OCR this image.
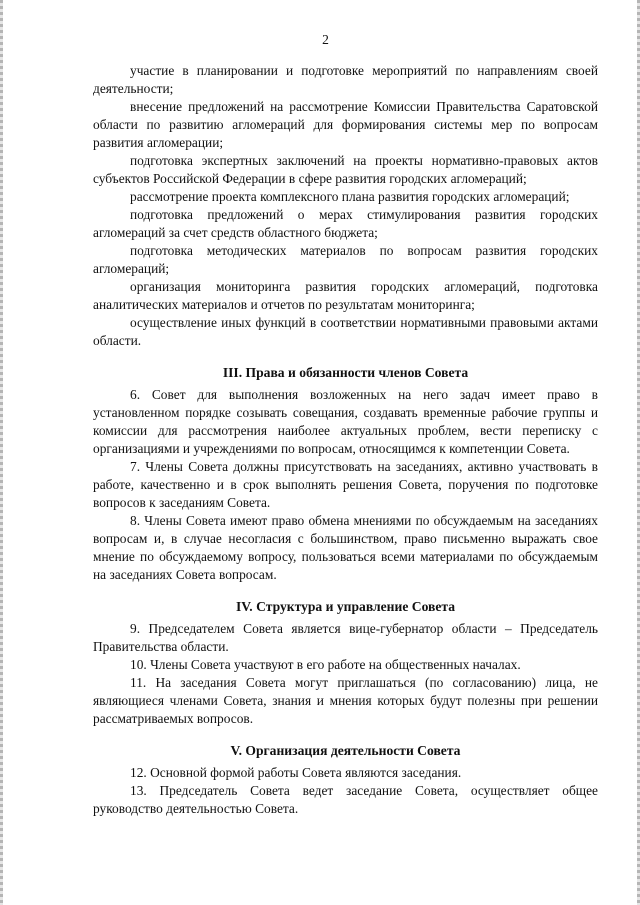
2

участие в планировании и подготовке мероприятий по направлениям своей деятельности;

внесение предложений на рассмотрение Комиссии Правительства Саратовской области по развитию агломераций для формирования системы мер по вопросам развития агломерации;

подготовка экспертных заключений на проекты нормативно-правовых актов субъектов Российской Федерации в сфере развития городских агломераций;

рассмотрение проекта комплексного плана развития городских агломераций;

подготовка предложений о мерах стимулирования развития городских агломераций за счет средств областного бюджета;

подготовка методических материалов по вопросам развития городских агломераций;

организация мониторинга развития городских агломераций, подготовка аналитических материалов и отчетов по результатам мониторинга;

осуществление иных функций в соответствии нормативными правовыми актами области.

III. Права и обязанности членов Совета

6. Совет для выполнения возложенных на него задач имеет право в установленном порядке созывать совещания, создавать временные рабочие группы и комиссии для рассмотрения наиболее актуальных проблем, вести переписку с организациями и учреждениями по вопросам, относящимся к компетенции Совета.

7. Члены Совета должны присутствовать на заседаниях, активно участвовать в работе, качественно и в срок выполнять решения Совета, поручения по подготовке вопросов к заседаниям Совета.

8. Члены Совета имеют право обмена мнениями по обсуждаемым на заседаниях вопросам и, в случае несогласия с большинством, право письменно выражать свое мнение по обсуждаемому вопросу, пользоваться всеми материалами по обсуждаемым на заседаниях Совета вопросам.

IV. Структура и управление Совета

9. Председателем Совета является вице-губернатор области – Председатель Правительства области.

10. Члены Совета участвуют в его работе на общественных началах.

11. На заседания Совета могут приглашаться (по согласованию) лица, не являющиеся членами Совета, знания и мнения которых будут полезны при решении рассматриваемых вопросов.

V. Организация деятельности Совета

12. Основной формой работы Совета являются заседания.

13. Председатель Совета ведет заседание Совета, осуществляет общее руководство деятельностью Совета.
